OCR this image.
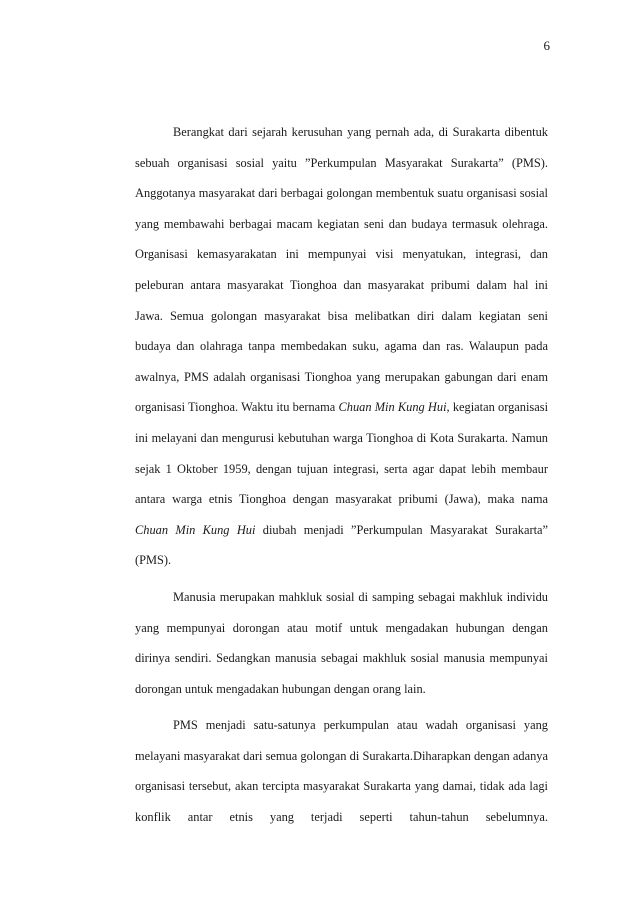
6

Berangkat dari sejarah kerusuhan yang pernah ada, di Surakarta dibentuk sebuah organisasi sosial yaitu ”Perkumpulan Masyarakat Surakarta” (PMS). Anggotanya masyarakat dari berbagai golongan membentuk suatu organisasi sosial yang membawahi berbagai macam kegiatan seni dan budaya termasuk olehraga. Organisasi kemasyarakatan ini mempunyai visi menyatukan, integrasi, dan peleburan antara masyarakat Tionghoa dan masyarakat pribumi dalam hal ini Jawa. Semua golongan masyarakat bisa melibatkan diri dalam kegiatan seni budaya dan olahraga tanpa membedakan suku, agama dan ras. Walaupun pada awalnya, PMS adalah organisasi Tionghoa yang merupakan gabungan dari enam organisasi Tionghoa. Waktu itu bernama Chuan Min Kung Hui, kegiatan organisasi ini melayani dan mengurusi kebutuhan warga Tionghoa di Kota Surakarta. Namun sejak 1 Oktober 1959, dengan tujuan integrasi, serta agar dapat lebih membaur antara warga etnis Tionghoa dengan masyarakat pribumi (Jawa), maka nama Chuan Min Kung Hui diubah menjadi ”Perkumpulan Masyarakat Surakarta” (PMS).

Manusia merupakan mahkluk sosial di samping sebagai makhluk individu yang mempunyai dorongan atau motif untuk mengadakan hubungan dengan dirinya sendiri. Sedangkan manusia sebagai makhluk sosial manusia mempunyai dorongan untuk mengadakan hubungan dengan orang lain.

PMS menjadi satu-satunya perkumpulan atau wadah organisasi yang melayani masyarakat dari semua golongan di Surakarta.Diharapkan dengan adanya organisasi tersebut, akan tercipta masyarakat Surakarta yang damai, tidak ada lagi konflik antar etnis yang terjadi seperti tahun-tahun sebelumnya.
